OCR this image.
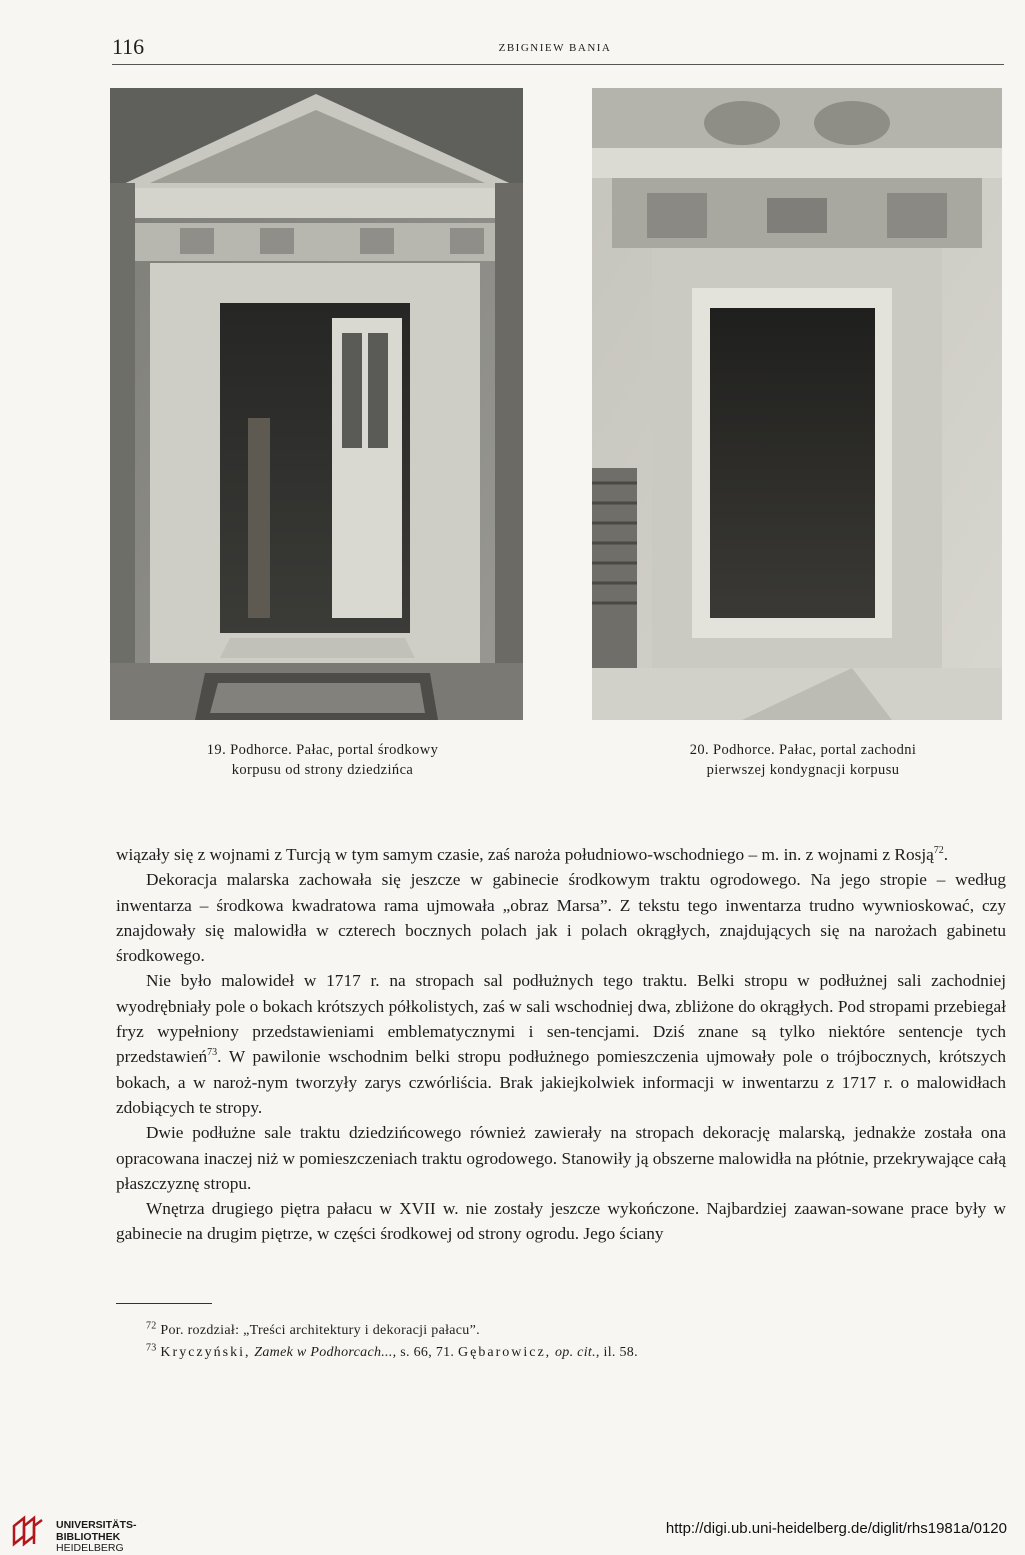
116	ZBIGNIEW BANIA
19. Podhorce. Pałac, portal środkowy
korpusu od strony dziedzińca
20. Podhorce. Pałac, portal zachodni
pierwszej kondygnacji korpusu

wiązały się z wojnami z Turcją w tym samym czasie, zaś naroża południowo-wschodniego – m. in. z wojnami z Rosją$^{72}$.

Dekoracja malarska zachowała się jeszcze w gabinecie środkowym traktu ogrodowego. Na jego stropie – według inwentarza – środkowa kwadratowa rama ujmowała „obraz Marsa”. Z tekstu tego inwentarza trudno wywnioskować, czy znajdowały się malowidła w czterech bocznych polach jak i polach okrągłych, znajdujących się na narożach gabinetu środkowego.

Nie było malowideł w 1717 r. na stropach sal podłużnych tego traktu. Belki stropu w podłużnej sali zachodniej wyodrębniały pole o bokach krótszych półkolistych, zaś w sali wschodniej dwa, zbliżone do okrągłych. Pod stropami przebiegał fryz wypełniony przedstawieniami emblematycznymi i sen-tencjami. Dziś znane są tylko niektóre sentencje tych przedstawień$^{73}$. W pawilonie wschodnim belki stropu podłużnego pomieszczenia ujmowały pole o trójbocznych, krótszych bokach, a w naroż-nym tworzyły zarys czwórliścia. Brak jakiejkolwiek informacji w inwentarzu z 1717 r. o malowidłach zdobiących te stropy.

Dwie podłużne sale traktu dziedzińcowego również zawierały na stropach dekorację malarską, jednakże została ona opracowana inaczej niż w pomieszczeniach traktu ogrodowego. Stanowiły ją obszerne malowidła na płótnie, przekrywające całą płaszczyznę stropu.

Wnętrza drugiego piętra pałacu w XVII w. nie zostały jeszcze wykończone. Najbardziej zaawan-sowane prace były w gabinecie na drugim piętrze, w części środkowej od strony ogrodu. Jego ściany

$^{72}$ Por. rozdział: „Treści architektury i dekoracji pałacu”.
$^{73}$ Kryczyński, Zamek w Podhorcach..., s. 66, 71. Gębarowicz, op. cit., il. 58.
UNIVERSITÄTS-
BIBLIOTHEK
HEIDELBERG
http://digi.ub.uni-heidelberg.de/diglit/rhs1981a/0120
